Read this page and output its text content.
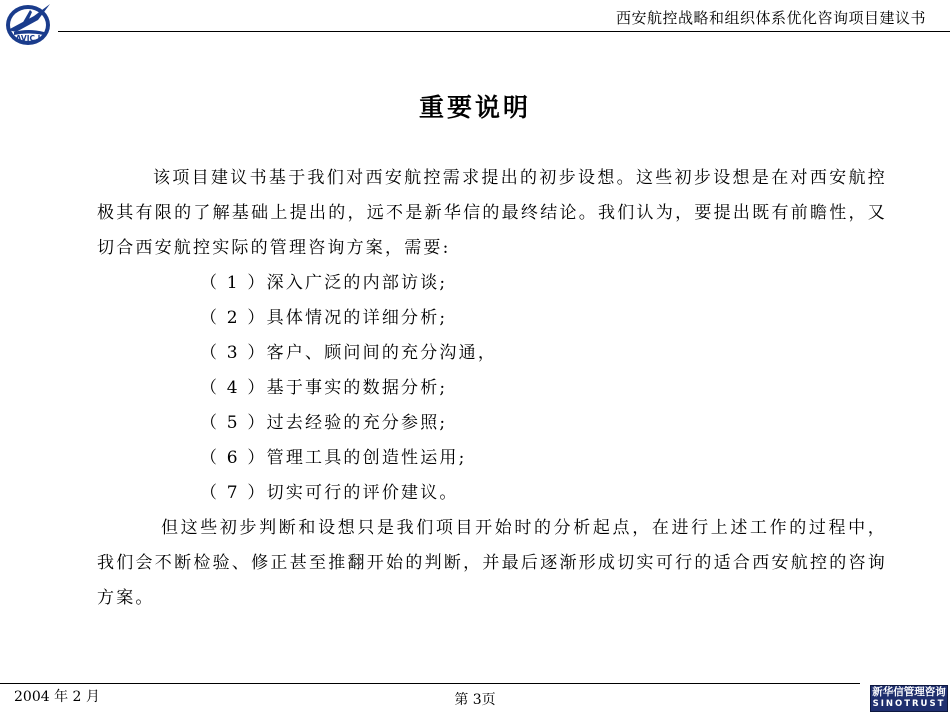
AVIC I
西安航控战略和组织体系优化咨询项目建议书
重要说明

该项目建议书基于我们对西安航控需求提出的初步设想。这些初步设想是在对西安航控极其有限的了解基础上提出的，远不是新华信的最终结论。我们认为，要提出既有前瞻性，又切合西安航控实际的管理咨询方案，需要:

（ 1 ）深入广泛的内部访谈;
（ 2 ）具体情况的详细分析;
（ 3 ）客户、顾问间的充分沟通，
（ 4 ）基于事实的数据分析;
（ 5 ）过去经验的充分参照;
（ 6 ）管理工具的创造性运用;
（ 7 ）切实可行的评价建议。

但这些初步判断和设想只是我们项目开始时的分析起点，在进行上述工作的过程中，我们会不断检验、修正甚至推翻开始的判断，并最后逐渐形成切实可行的适合西安航控的咨询方案。

2004 年 2 月	第 3页	新华信管理咨询
SINOTRUST
